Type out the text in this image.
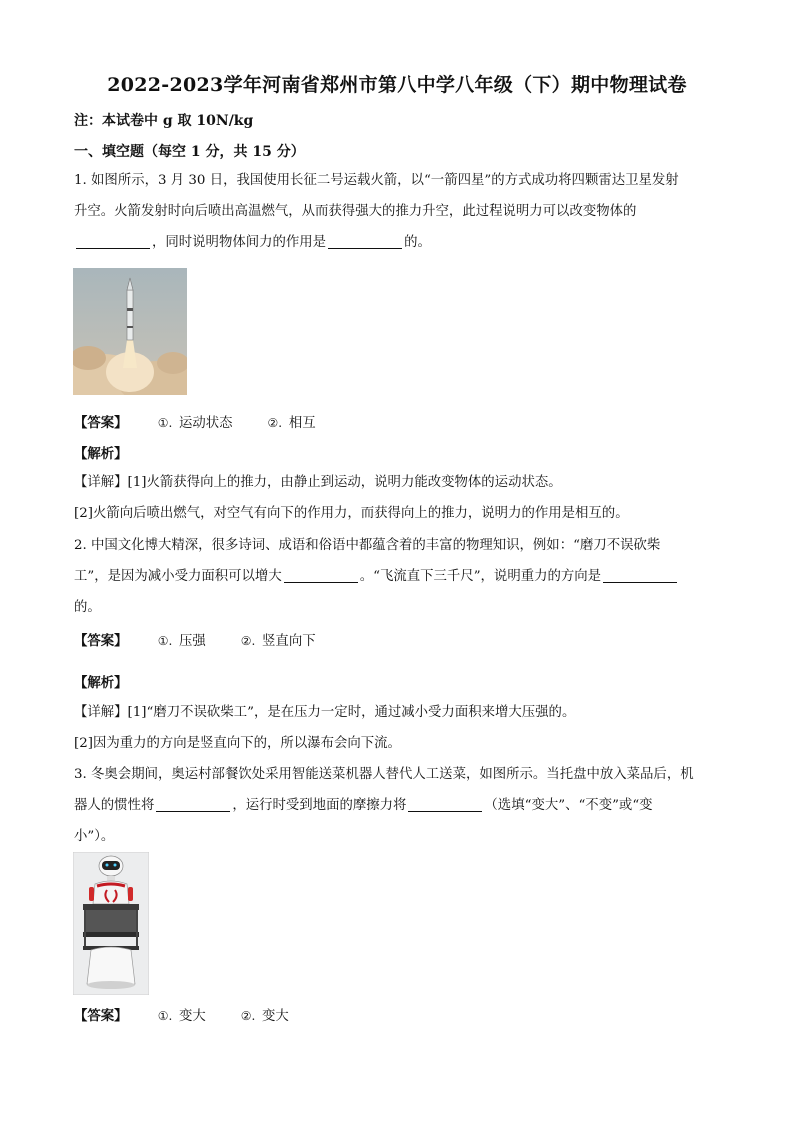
2022-2023学年河南省郑州市第八中学八年级（下）期中物理试卷
注：本试卷中 g 取 10N/kg
一、填空题（每空 1 分，共 15 分）
1. 如图所示，3 月 30 日，我国使用长征二号运载火箭，以“一箭四星”的方式成功将四颗雷达卫星发射
升空。火箭发射时向后喷出高温燃气，从而获得强大的推力升空，此过程说明力可以改变物体的
，同时说明物体间力的作用是	的。
【答案】	①. 运动状态	②. 相互
【解析】
【详解】[1]火箭获得向上的推力，由静止到运动，说明力能改变物体的运动状态。
[2]火箭向后喷出燃气，对空气有向下的作用力，而获得向上的推力，说明力的作用是相互的。
2. 中国文化博大精深，很多诗词、成语和俗语中都蕴含着的丰富的物理知识，例如：“磨刀不误砍柴
工”，是因为减小受力面积可以增大	。“飞流直下三千尺”，说明重力的方向是
的。
【答案】	①. 压强	②. 竖直向下
【解析】
【详解】[1]“磨刀不误砍柴工”，是在压力一定时，通过减小受力面积来增大压强的。
[2]因为重力的方向是竖直向下的，所以瀑布会向下流。
3. 冬奥会期间，奥运村部餐饮处采用智能送菜机器人替代人工送菜，如图所示。当托盘中放入菜品后，机
器人的惯性将	，运行时受到地面的摩擦力将	（选填“变大”、“不变”或“变
小”）。
【答案】	①. 变大	②. 变大
